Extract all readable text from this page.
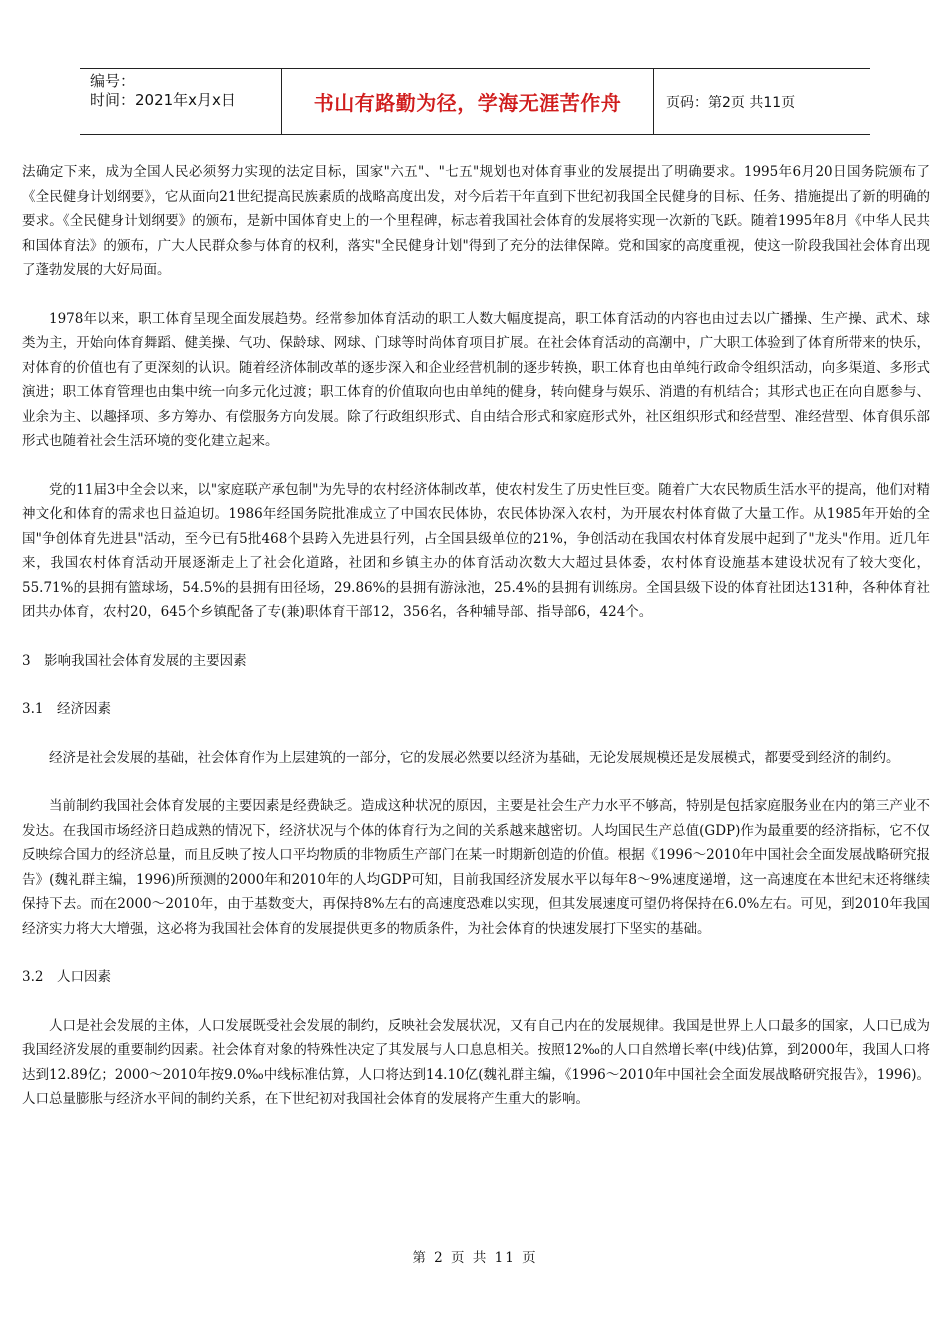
编号：
时间：2021年x月x日	书山有路勤为径，学海无涯苦作舟	页码：第2页 共11页

法确定下来，成为全国人民必须努力实现的法定目标，国家"六五"、"七五"规划也对体育事业的发展提出了明确要求。1995年6月20日国务院颁布了《全民健身计划纲要》，它从面向21世纪提高民族素质的战略高度出发，对今后若干年直到下世纪初我国全民健身的目标、任务、措施提出了新的明确的要求。《全民健身计划纲要》的颁布，是新中国体育史上的一个里程碑，标志着我国社会体育的发展将实现一次新的飞跃。随着1995年8月《中华人民共和国体育法》的颁布，广大人民群众参与体育的权利，落实"全民健身计划"得到了充分的法律保障。党和国家的高度重视，使这一阶段我国社会体育出现了蓬勃发展的大好局面。

1978年以来，职工体育呈现全面发展趋势。经常参加体育活动的职工人数大幅度提高，职工体育活动的内容也由过去以广播操、生产操、武术、球类为主，开始向体育舞蹈、健美操、气功、保龄球、网球、门球等时尚体育项目扩展。在社会体育活动的高潮中，广大职工体验到了体育所带来的快乐，对体育的价值也有了更深刻的认识。随着经济体制改革的逐步深入和企业经营机制的逐步转换，职工体育也由单纯行政命令组织活动，向多渠道、多形式演进；职工体育管理也由集中统一向多元化过渡；职工体育的价值取向也由单纯的健身，转向健身与娱乐、消遣的有机结合；其形式也正在向自愿参与、业余为主、以趣择项、多方筹办、有偿服务方向发展。除了行政组织形式、自由结合形式和家庭形式外，社区组织形式和经营型、准经营型、体育俱乐部形式也随着社会生活环境的变化建立起来。

党的11届3中全会以来，以"家庭联产承包制"为先导的农村经济体制改革，使农村发生了历史性巨变。随着广大农民物质生活水平的提高，他们对精神文化和体育的需求也日益迫切。1986年经国务院批准成立了中国农民体协，农民体协深入农村，为开展农村体育做了大量工作。从1985年开始的全国"争创体育先进县"活动，至今已有5批468个县跨入先进县行列，占全国县级单位的21%，争创活动在我国农村体育发展中起到了"龙头"作用。近几年来，我国农村体育活动开展逐渐走上了社会化道路，社团和乡镇主办的体育活动次数大大超过县体委，农村体育设施基本建设状况有了较大变化，55.71%的县拥有篮球场，54.5%的县拥有田径场，29.86%的县拥有游泳池，25.4%的县拥有训练房。全国县级下设的体育社团达131种，各种体育社团共办体育，农村20，645个乡镇配备了专(兼)职体育干部12，356名，各种辅导部、指导部6，424个。

3　影响我国社会体育发展的主要因素

3.1　经济因素

经济是社会发展的基础，社会体育作为上层建筑的一部分，它的发展必然要以经济为基础，无论发展规模还是发展模式，都要受到经济的制约。

当前制约我国社会体育发展的主要因素是经费缺乏。造成这种状况的原因，主要是社会生产力水平不够高，特别是包括家庭服务业在内的第三产业不发达。在我国市场经济日趋成熟的情况下，经济状况与个体的体育行为之间的关系越来越密切。人均国民生产总值(GDP)作为最重要的经济指标，它不仅反映综合国力的经济总量，而且反映了按人口平均物质的非物质生产部门在某一时期新创造的价值。根据《1996～2010年中国社会全面发展战略研究报告》(魏礼群主编，1996)所预测的2000年和2010年的人均GDP可知，目前我国经济发展水平以每年8～9%速度递增，这一高速度在本世纪末还将继续保持下去。而在2000～2010年，由于基数变大，再保持8%左右的高速度恐难以实现，但其发展速度可望仍将保持在6.0%左右。可见，到2010年我国经济实力将大大增强，这必将为我国社会体育的发展提供更多的物质条件，为社会体育的快速发展打下坚实的基础。

3.2　人口因素

人口是社会发展的主体，人口发展既受社会发展的制约，反映社会发展状况，又有自己内在的发展规律。我国是世界上人口最多的国家，人口已成为我国经济发展的重要制约因素。社会体育对象的特殊性决定了其发展与人口息息相关。按照12‰的人口自然增长率(中线)估算，到2000年，我国人口将达到12.89亿；2000～2010年按9.0‰中线标准估算，人口将达到14.10亿(魏礼群主编，《1996～2010年中国社会全面发展战略研究报告》，1996)。人口总量膨胀与经济水平间的制约关系，在下世纪初对我国社会体育的发展将产生重大的影响。

第 2 页 共 11 页
